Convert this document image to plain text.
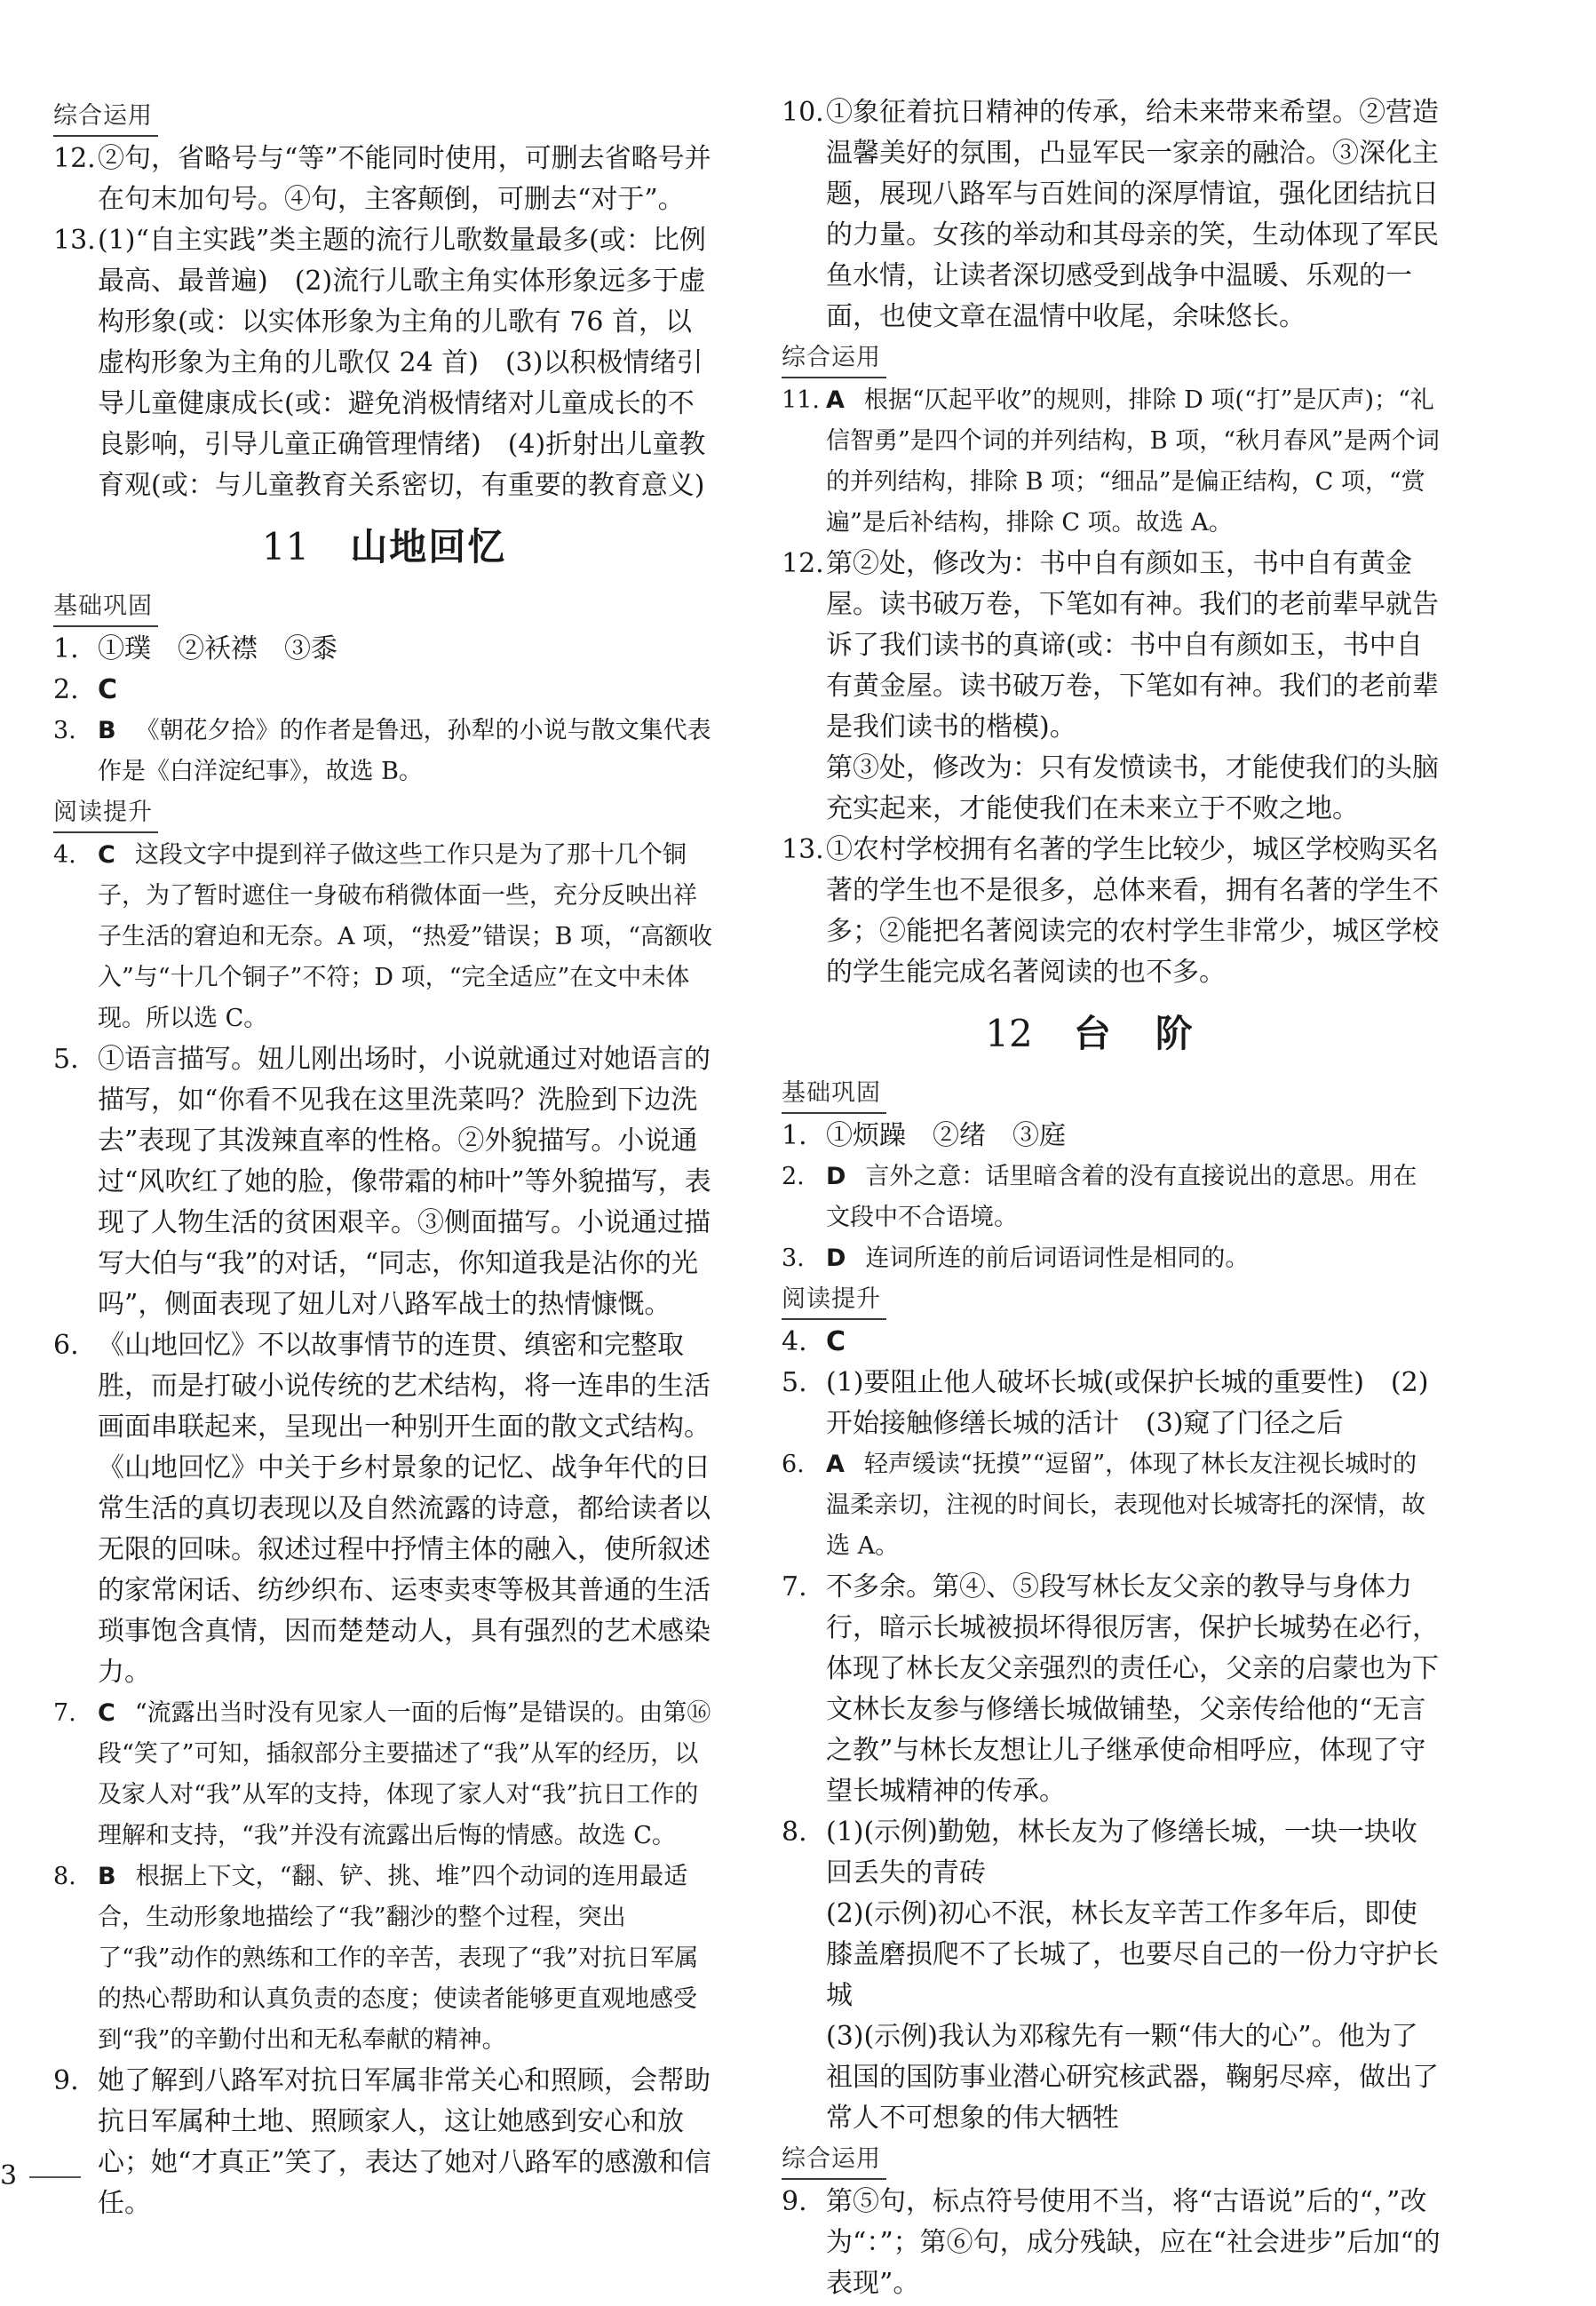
综合运用
12. ②句，省略号与“等”不能同时使用，可删去省略号并在句末加句号。④句，主客颠倒，可删去“对于”。

13. (1)“自主实践”类主题的流行儿歌数量最多(或：比例最高、最普遍)　(2)流行儿歌主角实体形象远多于虚构形象(或：以实体形象为主角的儿歌有 76 首，以虚构形象为主角的儿歌仅 24 首)　(3)以积极情绪引导儿童健康成长(或：避免消极情绪对儿童成长的不良影响，引导儿童正确管理情绪)　(4)折射出儿童教育观(或：与儿童教育关系密切，有重要的教育意义)

11 山地回忆
基础巩固
1. ①璞　②袄襟　③黍

2. C

3. B 《朝花夕拾》的作者是鲁迅，孙犁的小说与散文集代表作是《白洋淀纪事》，故选 B。

阅读提升
4. C 这段文字中提到祥子做这些工作只是为了那十几个铜子，为了暂时遮住一身破布稍微体面一些，充分反映出祥子生活的窘迫和无奈。A 项，“热爱”错误；B 项，“高额收入”与“十几个铜子”不符；D 项，“完全适应”在文中未体现。所以选 C。

5. ①语言描写。妞儿刚出场时，小说就通过对她语言的描写，如“你看不见我在这里洗菜吗？洗脸到下边洗去”表现了其泼辣直率的性格。②外貌描写。小说通过“风吹红了她的脸，像带霜的柿叶”等外貌描写，表现了人物生活的贫困艰辛。③侧面描写。小说通过描写大伯与“我”的对话，“同志，你知道我是沾你的光吗”，侧面表现了妞儿对八路军战士的热情慷慨。

6. 《山地回忆》不以故事情节的连贯、缜密和完整取胜，而是打破小说传统的艺术结构，将一连串的生活画面串联起来，呈现出一种别开生面的散文式结构。《山地回忆》中关于乡村景象的记忆、战争年代的日常生活的真切表现以及自然流露的诗意，都给读者以无限的回味。叙述过程中抒情主体的融入，使所叙述的家常闲话、纺纱织布、运枣卖枣等极其普通的生活琐事饱含真情，因而楚楚动人，具有强烈的艺术感染力。

7. C “流露出当时没有见家人一面的后悔”是错误的。由第⑯段“笑了”可知，插叙部分主要描述了“我”从军的经历，以及家人对“我”从军的支持，体现了家人对“我”抗日工作的理解和支持，“我”并没有流露出后悔的情感。故选 C。

8. B 根据上下文，“翻、铲、挑、堆”四个动词的连用最适合，生动形象地描绘了“我”翻沙的整个过程，突出了“我”动作的熟练和工作的辛苦，表现了“我”对抗日军属的热心帮助和认真负责的态度；使读者能够更直观地感受到“我”的辛勤付出和无私奉献的精神。

9. 她了解到八路军对抗日军属非常关心和照顾，会帮助抗日军属种土地、照顾家人，这让她感到安心和放心；她“才真正”笑了，表达了她对八路军的感激和信任。

10. ①象征着抗日精神的传承，给未来带来希望。②营造温馨美好的氛围，凸显军民一家亲的融洽。③深化主题，展现八路军与百姓间的深厚情谊，强化团结抗日的力量。女孩的举动和其母亲的笑，生动体现了军民鱼水情，让读者深切感受到战争中温暖、乐观的一面，也使文章在温情中收尾，余味悠长。

综合运用
11. A 根据“仄起平收”的规则，排除 D 项(“打”是仄声)；“礼信智勇”是四个词的并列结构，B 项，“秋月春风”是两个词的并列结构，排除 B 项；“细品”是偏正结构，C 项，“赏遍”是后补结构，排除 C 项。故选 A。

12. 第②处，修改为：书中自有颜如玉，书中自有黄金屋。读书破万卷，下笔如有神。我们的老前辈早就告诉了我们读书的真谛(或：书中自有颜如玉，书中自有黄金屋。读书破万卷，下笔如有神。我们的老前辈是我们读书的楷模)。

第③处，修改为：只有发愤读书，才能使我们的头脑充实起来，才能使我们在未来立于不败之地。

13. ①农村学校拥有名著的学生比较少，城区学校购买名著的学生也不是很多，总体来看，拥有名著的学生不多；②能把名著阅读完的农村学生非常少，城区学校的学生能完成名著阅读的也不多。

12 台阶
基础巩固
1. ①烦躁　②绪　③庭

2. D 言外之意：话里暗含着的没有直接说出的意思。用在文段中不合语境。

3. D 连词所连的前后词语词性是相同的。

阅读提升
4. C

5. (1)要阻止他人破坏长城(或保护长城的重要性)　(2)开始接触修缮长城的活计　(3)窥了门径之后

6. A 轻声缓读“抚摸”“逗留”，体现了林长友注视长城时的温柔亲切，注视的时间长，表现他对长城寄托的深情，故选 A。

7. 不多余。第④、⑤段写林长友父亲的教导与身体力行，暗示长城被损坏得很厉害，保护长城势在必行，体现了林长友父亲强烈的责任心，父亲的启蒙也为下文林长友参与修缮长城做铺垫，父亲传给他的“无言之教”与林长友想让儿子继承使命相呼应，体现了守望长城精神的传承。

8. (1)(示例)勤勉，林长友为了修缮长城，一块一块收回丢失的青砖

(2)(示例)初心不泯，林长友辛苦工作多年后，即使膝盖磨损爬不了长城了，也要尽自己的一份力守护长城

(3)(示例)我认为邓稼先有一颗“伟大的心”。他为了祖国的国防事业潜心研究核武器，鞠躬尽瘁，做出了常人不可想象的伟大牺牲

综合运用
9. 第⑤句，标点符号使用不当，将“古语说”后的“，”改为“：”；第⑥句，成分残缺，应在“社会进步”后加“的表现”。

3
